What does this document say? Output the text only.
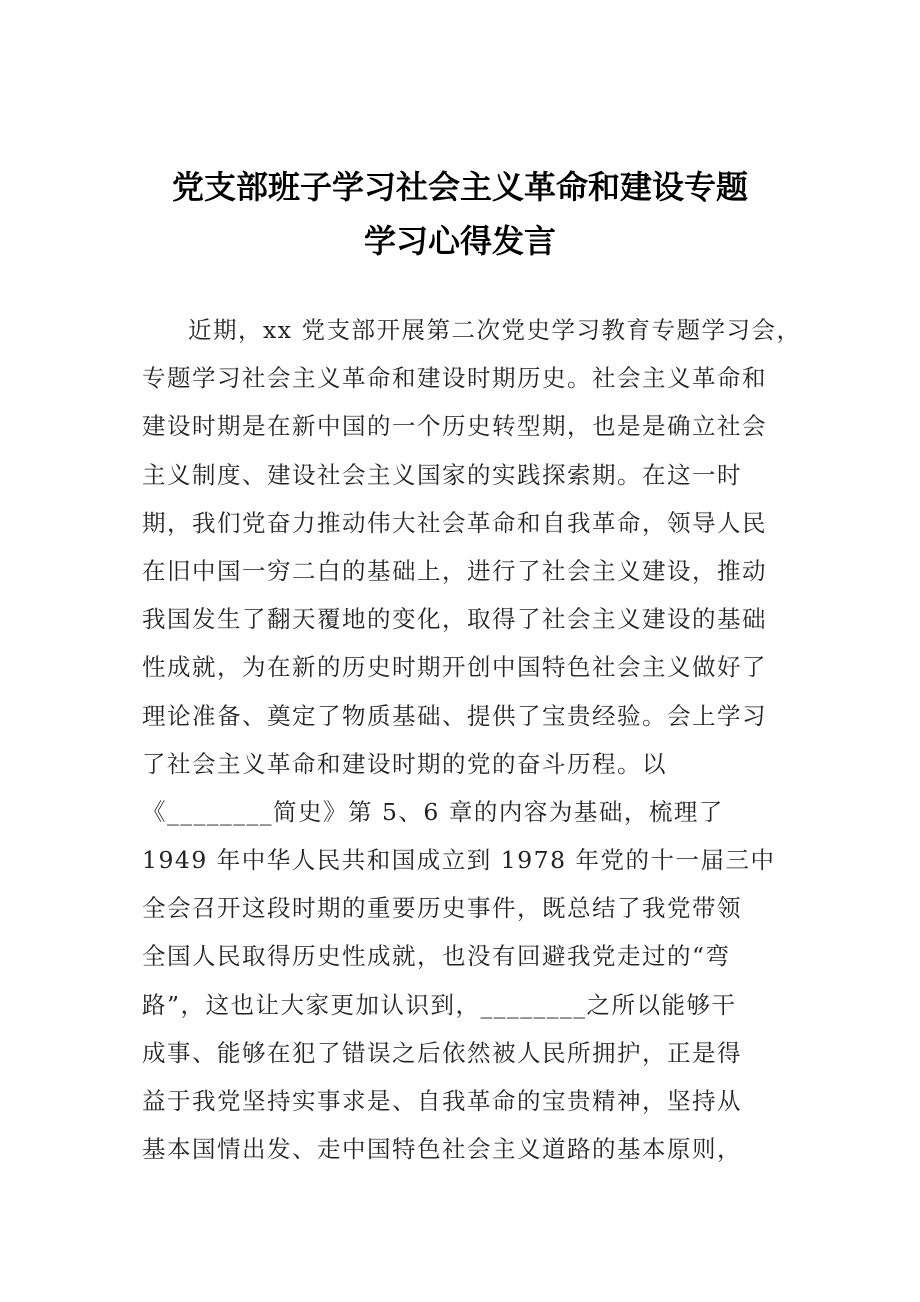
党支部班子学习社会主义革命和建设专题
学习心得发言
近期，xx 党支部开展第二次党史学习教育专题学习会，
专题学习社会主义革命和建设时期历史。社会主义革命和
建设时期是在新中国的一个历史转型期，也是是确立社会
主义制度、建设社会主义国家的实践探索期。在这一时
期，我们党奋力推动伟大社会革命和自我革命，领导人民
在旧中国一穷二白的基础上，进行了社会主义建设，推动
我国发生了翻天覆地的变化，取得了社会主义建设的基础
性成就，为在新的历史时期开创中国特色社会主义做好了
理论准备、奠定了物质基础、提供了宝贵经验。会上学习
了社会主义革命和建设时期的党的奋斗历程。以
《________简史》第 5、6 章的内容为基础，梳理了
1949 年中华人民共和国成立到 1978 年党的十一届三中
全会召开这段时期的重要历史事件，既总结了我党带领
全国人民取得历史性成就，也没有回避我党走过的“弯
路”，这也让大家更加认识到，________之所以能够干
成事、能够在犯了错误之后依然被人民所拥护，正是得
益于我党坚持实事求是、自我革命的宝贵精神，坚持从
基本国情出发、走中国特色社会主义道路的基本原则，
